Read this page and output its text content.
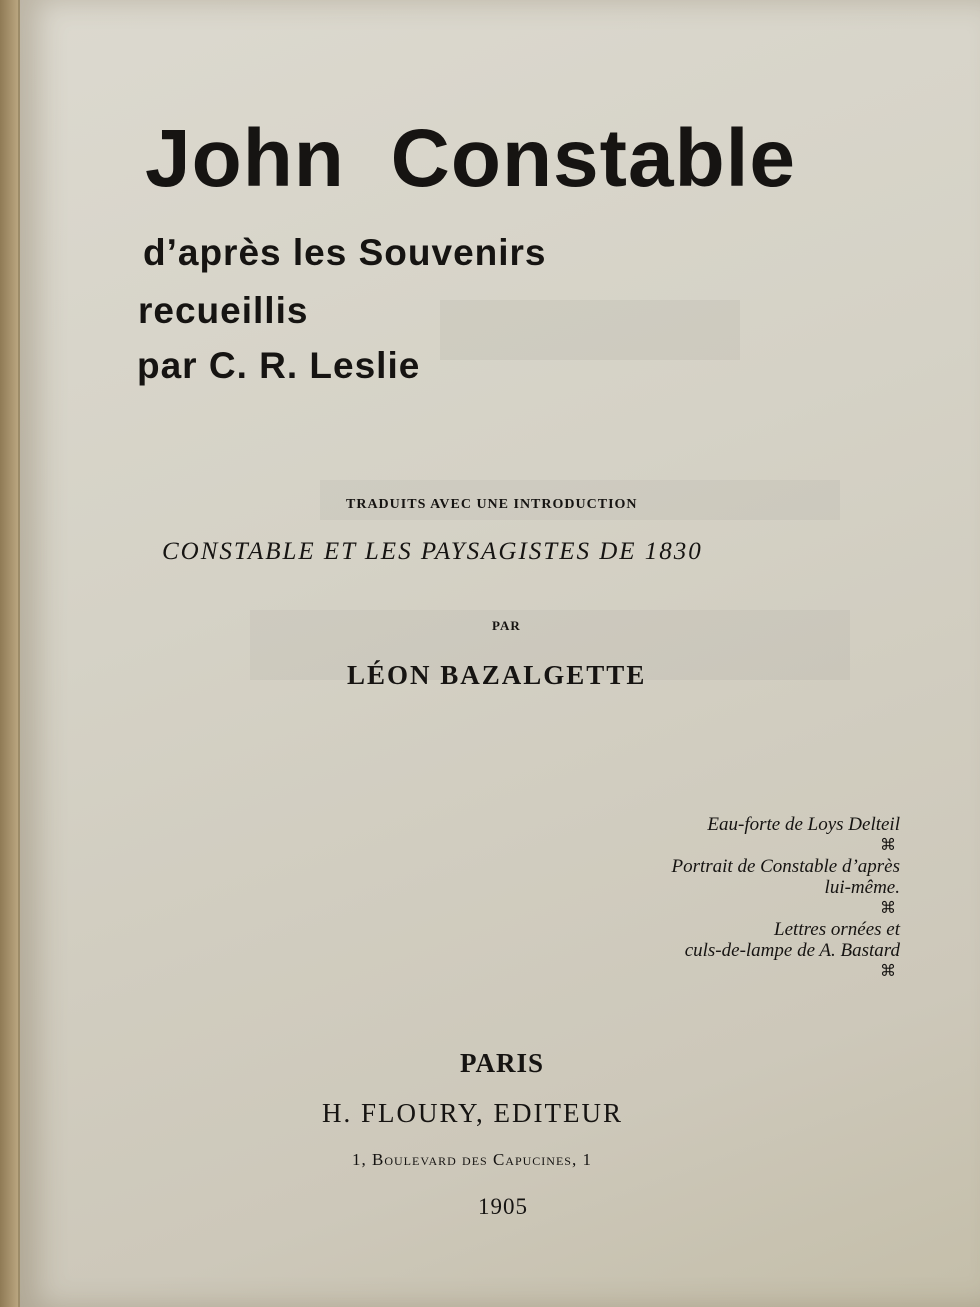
John Constable
d’après les Souvenirs
recueillis
par C. R. Leslie
TRADUITS AVEC UNE INTRODUCTION
CONSTABLE ET LES PAYSAGISTES DE 1830
PAR
LÉON BAZALGETTE
Eau-forte de Loys Delteil
⌘
Portrait de Constable d’après
lui-même.
⌘
Lettres ornées et
culs-de-lampe de A. Bastard
⌘
PARIS
H. FLOURY, EDITEUR
1, Boulevard des Capucines, 1
1905
